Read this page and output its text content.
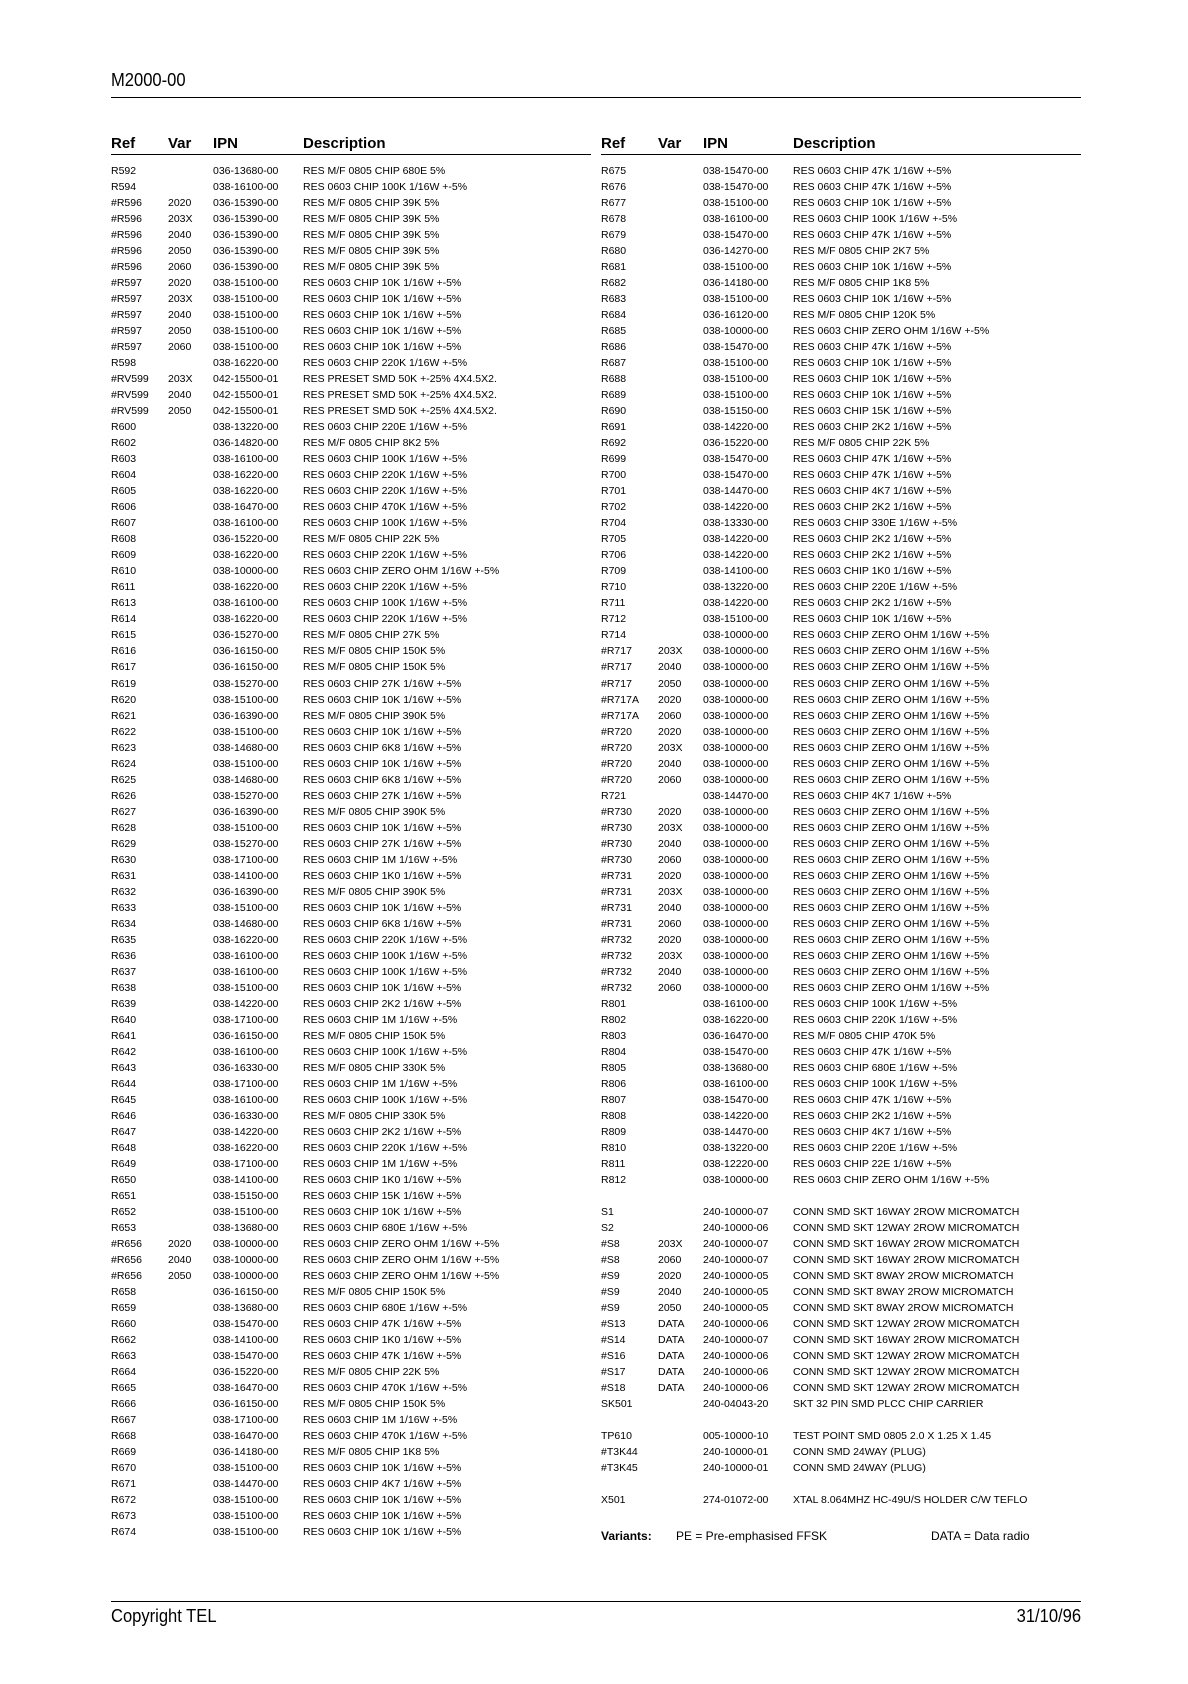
M2000-00
Ref Var IPN	Description
R592	036-13680-00 RES M/F 0805 CHIP 680E 5%
R594	038-16100-00 RES 0603 CHIP 100K 1/16W +-5%
#R596 2020 036-15390-00 RES M/F 0805 CHIP 39K 5%
#R596 203X 036-15390-00 RES M/F 0805 CHIP 39K 5%
#R596 2040 036-15390-00 RES M/F 0805 CHIP 39K 5%
#R596 2050 036-15390-00 RES M/F 0805 CHIP 39K 5%
#R596 2060 036-15390-00 RES M/F 0805 CHIP 39K 5%
#R597 2020 038-15100-00 RES 0603 CHIP 10K 1/16W +-5%
#R597 203X 038-15100-00 RES 0603 CHIP 10K 1/16W +-5%
#R597 2040 038-15100-00 RES 0603 CHIP 10K 1/16W +-5%
#R597 2050 038-15100-00 RES 0603 CHIP 10K 1/16W +-5%
#R597 2060 038-15100-00 RES 0603 CHIP 10K 1/16W +-5%
R598	038-16220-00 RES 0603 CHIP 220K 1/16W +-5%
#RV599 203X 042-15500-01 RES PRESET SMD 50K +-25% 4X4.5X2.
#RV599 2040 042-15500-01 RES PRESET SMD 50K +-25% 4X4.5X2.
#RV599 2050 042-15500-01 RES PRESET SMD 50K +-25% 4X4.5X2.
R600	038-13220-00 RES 0603 CHIP 220E 1/16W +-5%
R602	036-14820-00 RES M/F 0805 CHIP 8K2 5%
R603	038-16100-00 RES 0603 CHIP 100K 1/16W +-5%
R604	038-16220-00 RES 0603 CHIP 220K 1/16W +-5%
R605	038-16220-00 RES 0603 CHIP 220K 1/16W +-5%
R606	038-16470-00 RES 0603 CHIP 470K 1/16W +-5%
R607	038-16100-00 RES 0603 CHIP 100K 1/16W +-5%
R608	036-15220-00 RES M/F 0805 CHIP 22K 5%
R609	038-16220-00 RES 0603 CHIP 220K 1/16W +-5%
R610	038-10000-00 RES 0603 CHIP ZERO OHM 1/16W +-5%
R611	038-16220-00 RES 0603 CHIP 220K 1/16W +-5%
R613	038-16100-00 RES 0603 CHIP 100K 1/16W +-5%
R614	038-16220-00 RES 0603 CHIP 220K 1/16W +-5%
R615	036-15270-00 RES M/F 0805 CHIP 27K 5%
R616	036-16150-00 RES M/F 0805 CHIP 150K 5%
R617	036-16150-00 RES M/F 0805 CHIP 150K 5%
R619	038-15270-00 RES 0603 CHIP 27K 1/16W +-5%
R620	038-15100-00 RES 0603 CHIP 10K 1/16W +-5%
R621	036-16390-00 RES M/F 0805 CHIP 390K 5%
R622	038-15100-00 RES 0603 CHIP 10K 1/16W +-5%
R623	038-14680-00 RES 0603 CHIP 6K8 1/16W +-5%
R624	038-15100-00 RES 0603 CHIP 10K 1/16W +-5%
R625	038-14680-00 RES 0603 CHIP 6K8 1/16W +-5%
R626	038-15270-00 RES 0603 CHIP 27K 1/16W +-5%
R627	036-16390-00 RES M/F 0805 CHIP 390K 5%
R628	038-15100-00 RES 0603 CHIP 10K 1/16W +-5%
R629	038-15270-00 RES 0603 CHIP 27K 1/16W +-5%
R630	038-17100-00 RES 0603 CHIP 1M 1/16W +-5%
R631	038-14100-00 RES 0603 CHIP 1K0 1/16W +-5%
R632	036-16390-00 RES M/F 0805 CHIP 390K 5%
R633	038-15100-00 RES 0603 CHIP 10K 1/16W +-5%
R634	038-14680-00 RES 0603 CHIP 6K8 1/16W +-5%
R635	038-16220-00 RES 0603 CHIP 220K 1/16W +-5%
R636	038-16100-00 RES 0603 CHIP 100K 1/16W +-5%
R637	038-16100-00 RES 0603 CHIP 100K 1/16W +-5%
R638	038-15100-00 RES 0603 CHIP 10K 1/16W +-5%
R639	038-14220-00 RES 0603 CHIP 2K2 1/16W +-5%
R640	038-17100-00 RES 0603 CHIP 1M 1/16W +-5%
R641	036-16150-00 RES M/F 0805 CHIP 150K 5%
R642	038-16100-00 RES 0603 CHIP 100K 1/16W +-5%
R643	036-16330-00 RES M/F 0805 CHIP 330K 5%
R644	038-17100-00 RES 0603 CHIP 1M 1/16W +-5%
R645	038-16100-00 RES 0603 CHIP 100K 1/16W +-5%
R646	036-16330-00 RES M/F 0805 CHIP 330K 5%
R647	038-14220-00 RES 0603 CHIP 2K2 1/16W +-5%
R648	038-16220-00 RES 0603 CHIP 220K 1/16W +-5%
R649	038-17100-00 RES 0603 CHIP 1M 1/16W +-5%
R650	038-14100-00 RES 0603 CHIP 1K0 1/16W +-5%
R651	038-15150-00 RES 0603 CHIP 15K 1/16W +-5%
R652	038-15100-00 RES 0603 CHIP 10K 1/16W +-5%
R653	038-13680-00 RES 0603 CHIP 680E 1/16W +-5%
#R656 2020 038-10000-00 RES 0603 CHIP ZERO OHM 1/16W +-5%
#R656 2040 038-10000-00 RES 0603 CHIP ZERO OHM 1/16W +-5%
#R656 2050 038-10000-00 RES 0603 CHIP ZERO OHM 1/16W +-5%
R658	036-16150-00 RES M/F 0805 CHIP 150K 5%
R659	038-13680-00 RES 0603 CHIP 680E 1/16W +-5%
R660	038-15470-00 RES 0603 CHIP 47K 1/16W +-5%
R662	038-14100-00 RES 0603 CHIP 1K0 1/16W +-5%
R663	038-15470-00 RES 0603 CHIP 47K 1/16W +-5%
R664	036-15220-00 RES M/F 0805 CHIP 22K 5%
R665	038-16470-00 RES 0603 CHIP 470K 1/16W +-5%
R666	036-16150-00 RES M/F 0805 CHIP 150K 5%
R667	038-17100-00 RES 0603 CHIP 1M 1/16W +-5%
R668	038-16470-00 RES 0603 CHIP 470K 1/16W +-5%
R669	036-14180-00 RES M/F 0805 CHIP 1K8 5%
R670	038-15100-00 RES 0603 CHIP 10K 1/16W +-5%
R671	038-14470-00 RES 0603 CHIP 4K7 1/16W +-5%
R672	038-15100-00 RES 0603 CHIP 10K 1/16W +-5%
R673	038-15100-00 RES 0603 CHIP 10K 1/16W +-5%
R674	038-15100-00 RES 0603 CHIP 10K 1/16W +-5%
Ref Var IPN	Description
R675	038-15470-00 RES 0603 CHIP 47K 1/16W +-5%
R676	038-15470-00 RES 0603 CHIP 47K 1/16W +-5%
R677	038-15100-00 RES 0603 CHIP 10K 1/16W +-5%
R678	038-16100-00 RES 0603 CHIP 100K 1/16W +-5%
R679	038-15470-00 RES 0603 CHIP 47K 1/16W +-5%
R680	036-14270-00 RES M/F 0805 CHIP 2K7 5%
R681	038-15100-00 RES 0603 CHIP 10K 1/16W +-5%
R682	036-14180-00 RES M/F 0805 CHIP 1K8 5%
R683	038-15100-00 RES 0603 CHIP 10K 1/16W +-5%
R684	036-16120-00 RES M/F 0805 CHIP 120K 5%
R685	038-10000-00 RES 0603 CHIP ZERO OHM 1/16W +-5%
R686	038-15470-00 RES 0603 CHIP 47K 1/16W +-5%
R687	038-15100-00 RES 0603 CHIP 10K 1/16W +-5%
R688	038-15100-00 RES 0603 CHIP 10K 1/16W +-5%
R689	038-15100-00 RES 0603 CHIP 10K 1/16W +-5%
R690	038-15150-00 RES 0603 CHIP 15K 1/16W +-5%
R691	038-14220-00 RES 0603 CHIP 2K2 1/16W +-5%
R692	036-15220-00 RES M/F 0805 CHIP 22K 5%
R699	038-15470-00 RES 0603 CHIP 47K 1/16W +-5%
R700	038-15470-00 RES 0603 CHIP 47K 1/16W +-5%
R701	038-14470-00 RES 0603 CHIP 4K7 1/16W +-5%
R702	038-14220-00 RES 0603 CHIP 2K2 1/16W +-5%
R704	038-13330-00 RES 0603 CHIP 330E 1/16W +-5%
R705	038-14220-00 RES 0603 CHIP 2K2 1/16W +-5%
R706	038-14220-00 RES 0603 CHIP 2K2 1/16W +-5%
R709	038-14100-00 RES 0603 CHIP 1K0 1/16W +-5%
R710	038-13220-00 RES 0603 CHIP 220E 1/16W +-5%
R711	038-14220-00 RES 0603 CHIP 2K2 1/16W +-5%
R712	038-15100-00 RES 0603 CHIP 10K 1/16W +-5%
R714	038-10000-00 RES 0603 CHIP ZERO OHM 1/16W +-5%
#R717 203X 038-10000-00 RES 0603 CHIP ZERO OHM 1/16W +-5%
#R717 2040 038-10000-00 RES 0603 CHIP ZERO OHM 1/16W +-5%
#R717 2050 038-10000-00 RES 0603 CHIP ZERO OHM 1/16W +-5%
#R717A 2020 038-10000-00 RES 0603 CHIP ZERO OHM 1/16W +-5%
#R717A 2060 038-10000-00 RES 0603 CHIP ZERO OHM 1/16W +-5%
#R720 2020 038-10000-00 RES 0603 CHIP ZERO OHM 1/16W +-5%
#R720 203X 038-10000-00 RES 0603 CHIP ZERO OHM 1/16W +-5%
#R720 2040 038-10000-00 RES 0603 CHIP ZERO OHM 1/16W +-5%
#R720 2060 038-10000-00 RES 0603 CHIP ZERO OHM 1/16W +-5%
R721	038-14470-00 RES 0603 CHIP 4K7 1/16W +-5%
#R730 2020 038-10000-00 RES 0603 CHIP ZERO OHM 1/16W +-5%
#R730 203X 038-10000-00 RES 0603 CHIP ZERO OHM 1/16W +-5%
#R730 2040 038-10000-00 RES 0603 CHIP ZERO OHM 1/16W +-5%
#R730 2060 038-10000-00 RES 0603 CHIP ZERO OHM 1/16W +-5%
#R731 2020 038-10000-00 RES 0603 CHIP ZERO OHM 1/16W +-5%
#R731 203X 038-10000-00 RES 0603 CHIP ZERO OHM 1/16W +-5%
#R731 2040 038-10000-00 RES 0603 CHIP ZERO OHM 1/16W +-5%
#R731 2060 038-10000-00 RES 0603 CHIP ZERO OHM 1/16W +-5%
#R732 2020 038-10000-00 RES 0603 CHIP ZERO OHM 1/16W +-5%
#R732 203X 038-10000-00 RES 0603 CHIP ZERO OHM 1/16W +-5%
#R732 2040 038-10000-00 RES 0603 CHIP ZERO OHM 1/16W +-5%
#R732 2060 038-10000-00 RES 0603 CHIP ZERO OHM 1/16W +-5%
R801	038-16100-00 RES 0603 CHIP 100K 1/16W +-5%
R802	038-16220-00 RES 0603 CHIP 220K 1/16W +-5%
R803	036-16470-00 RES M/F 0805 CHIP 470K 5%
R804	038-15470-00 RES 0603 CHIP 47K 1/16W +-5%
R805	038-13680-00 RES 0603 CHIP 680E 1/16W +-5%
R806	038-16100-00 RES 0603 CHIP 100K 1/16W +-5%
R807	038-15470-00 RES 0603 CHIP 47K 1/16W +-5%
R808	038-14220-00 RES 0603 CHIP 2K2 1/16W +-5%
R809	038-14470-00 RES 0603 CHIP 4K7 1/16W +-5%
R810	038-13220-00 RES 0603 CHIP 220E 1/16W +-5%
R811	038-12220-00 RES 0603 CHIP 22E 1/16W +-5%
R812	038-10000-00 RES 0603 CHIP ZERO OHM 1/16W +-5%
S1	240-10000-07 CONN SMD SKT 16WAY 2ROW MICROMATCH
S2	240-10000-06 CONN SMD SKT 12WAY 2ROW MICROMATCH
#S8	203X 240-10000-07 CONN SMD SKT 16WAY 2ROW MICROMATCH
#S8	2060 240-10000-07 CONN SMD SKT 16WAY 2ROW MICROMATCH
#S9	2020 240-10000-05 CONN SMD SKT 8WAY 2ROW MICROMATCH
#S9	2040 240-10000-05 CONN SMD SKT 8WAY 2ROW MICROMATCH
#S9	2050 240-10000-05 CONN SMD SKT 8WAY 2ROW MICROMATCH
#S13	DATA 240-10000-06 CONN SMD SKT 12WAY 2ROW MICROMATCH
#S14	DATA 240-10000-07 CONN SMD SKT 16WAY 2ROW MICROMATCH
#S16	DATA 240-10000-06 CONN SMD SKT 12WAY 2ROW MICROMATCH
#S17	DATA 240-10000-06 CONN SMD SKT 12WAY 2ROW MICROMATCH
#S18	DATA 240-10000-06 CONN SMD SKT 12WAY 2ROW MICROMATCH
SK501	240-04043-20 SKT 32 PIN SMD PLCC CHIP CARRIER
TP610	005-10000-10 TEST POINT SMD 0805 2.0 X 1.25 X 1.45
#T3K44	240-10000-01 CONN SMD 24WAY (PLUG)
#T3K45	240-10000-01 CONN SMD 24WAY (PLUG)
X501	274-01072-00 XTAL 8.064MHZ HC-49U/S HOLDER C/W TEFLO
Variants: PE = Pre-emphasised FFSK	DATA = Data radio
Copyright TEL	31/10/96
